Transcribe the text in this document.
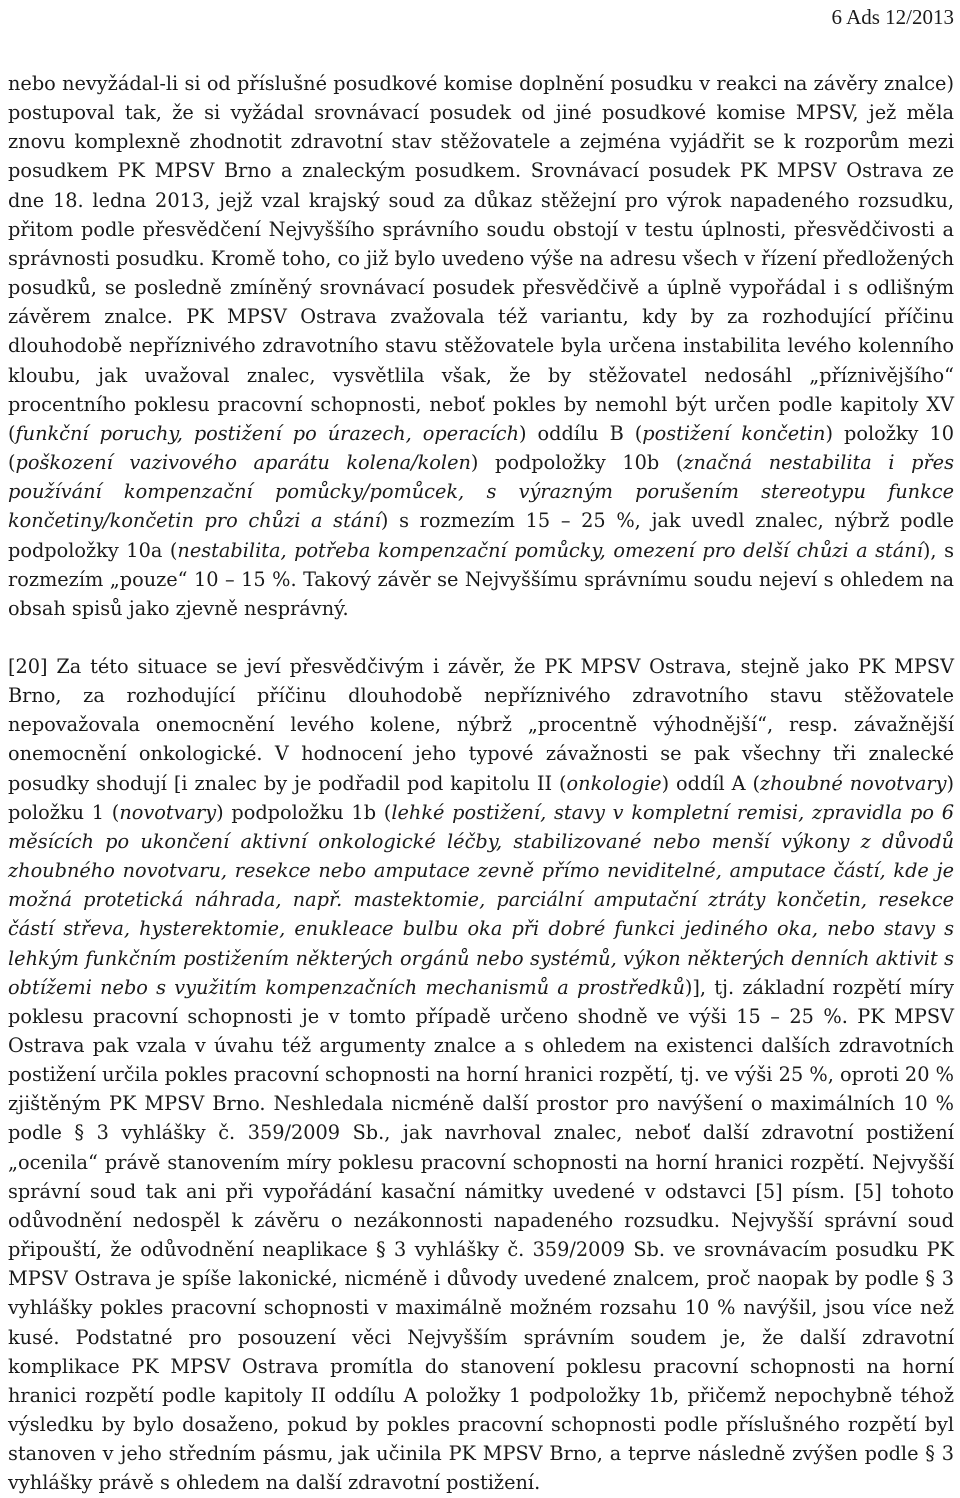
6 Ads 12/2013

nebo nevyžádal-li si od příslušné posudkové komise doplnění posudku v reakci na závěry znalce) postupoval tak, že si vyžádal srovnávací posudek od jiné posudkové komise MPSV, jež měla znovu komplexně zhodnotit zdravotní stav stěžovatele a zejména vyjádřit se k rozporům mezi posudkem PK MPSV Brno a znaleckým posudkem. Srovnávací posudek PK MPSV Ostrava ze dne 18. ledna 2013, jejž vzal krajský soud za důkaz stěžejní pro výrok napadeného rozsudku, přitom podle přesvědčení Nejvyššího správního soudu obstojí v testu úplnosti, přesvědčivosti a správnosti posudku. Kromě toho, co již bylo uvedeno výše na adresu všech v řízení předložených posudků, se posledně zmíněný srovnávací posudek přesvědčivě a úplně vypořádal i s odlišným závěrem znalce. PK MPSV Ostrava zvažovala též variantu, kdy by za rozhodující příčinu dlouhodobě nepříznivého zdravotního stavu stěžovatele byla určena instabilita levého kolenního kloubu, jak uvažoval znalec, vysvětlila však, že by stěžovatel nedosáhl „příznivějšího“ procentního poklesu pracovní schopnosti, neboť pokles by nemohl být určen podle kapitoly XV (funkční poruchy, postižení po úrazech, operacích) oddílu B (postižení končetin) položky 10 (poškození vazivového aparátu kolena/kolen) podpoložky 10b (značná nestabilita i přes používání kompenzační pomůcky/pomůcek, s výrazným porušením stereotypu funkce končetiny/končetin pro chůzi a stání) s rozmezím 15 – 25 %, jak uvedl znalec, nýbrž podle podpoložky 10a (nestabilita, potřeba kompenzační pomůcky, omezení pro delší chůzi a stání), s rozmezím „pouze“ 10 – 15 %. Takový závěr se Nejvyššímu správnímu soudu nejeví s ohledem na obsah spisů jako zjevně nesprávný.

[20] Za této situace se jeví přesvědčivým i závěr, že PK MPSV Ostrava, stejně jako PK MPSV Brno, za rozhodující příčinu dlouhodobě nepříznivého zdravotního stavu stěžovatele nepovažovala onemocnění levého kolene, nýbrž „procentně výhodnější“, resp. závažnější onemocnění onkologické. V hodnocení jeho typové závažnosti se pak všechny tři znalecké posudky shodují [i znalec by je podřadil pod kapitolu II (onkologie) oddíl A (zhoubné novotvary) položku 1 (novotvary) podpoložku 1b (lehké postižení, stavy v kompletní remisi, zpravidla po 6 měsících po ukončení aktivní onkologické léčby, stabilizované nebo menší výkony z důvodů zhoubného novotvaru, resekce nebo amputace zevně přímo neviditelné, amputace částí, kde je možná protetická náhrada, např. mastektomie, parciální amputační ztráty končetin, resekce částí střeva, hysterektomie, enukleace bulbu oka při dobré funkci jediného oka, nebo stavy s lehkým funkčním postižením některých orgánů nebo systémů, výkon některých denních aktivit s obtížemi nebo s využitím kompenzačních mechanismů a prostředků)], tj. základní rozpětí míry poklesu pracovní schopnosti je v tomto případě určeno shodně ve výši 15 – 25 %. PK MPSV Ostrava pak vzala v úvahu též argumenty znalce a s ohledem na existenci dalších zdravotních postižení určila pokles pracovní schopnosti na horní hranici rozpětí, tj. ve výši 25 %, oproti 20 % zjištěným PK MPSV Brno. Neshledala nicméně další prostor pro navýšení o maximálních 10 % podle § 3 vyhlášky č. 359/2009 Sb., jak navrhoval znalec, neboť další zdravotní postižení „ocenila“ právě stanovením míry poklesu pracovní schopnosti na horní hranici rozpětí. Nejvyšší správní soud tak ani při vypořádání kasační námitky uvedené v odstavci [5] písm. [5] tohoto odůvodnění nedospěl k závěru o nezákonnosti napadeného rozsudku. Nejvyšší správní soud připouští, že odůvodnění neaplikace § 3 vyhlášky č. 359/2009 Sb. ve srovnávacím posudku PK MPSV Ostrava je spíše lakonické, nicméně i důvody uvedené znalcem, proč naopak by podle § 3 vyhlášky pokles pracovní schopnosti v maximálně možném rozsahu 10 % navýšil, jsou více než kusé. Podstatné pro posouzení věci Nejvyšším správním soudem je, že další zdravotní komplikace PK MPSV Ostrava promítla do stanovení poklesu pracovní schopnosti na horní hranici rozpětí podle kapitoly II oddílu A položky 1 podpoložky 1b, přičemž nepochybně téhož výsledku by bylo dosaženo, pokud by pokles pracovní schopnosti podle příslušného rozpětí byl stanoven v jeho středním pásmu, jak učinila PK MPSV Brno, a teprve následně zvýšen podle § 3 vyhlášky právě s ohledem na další zdravotní postižení.
